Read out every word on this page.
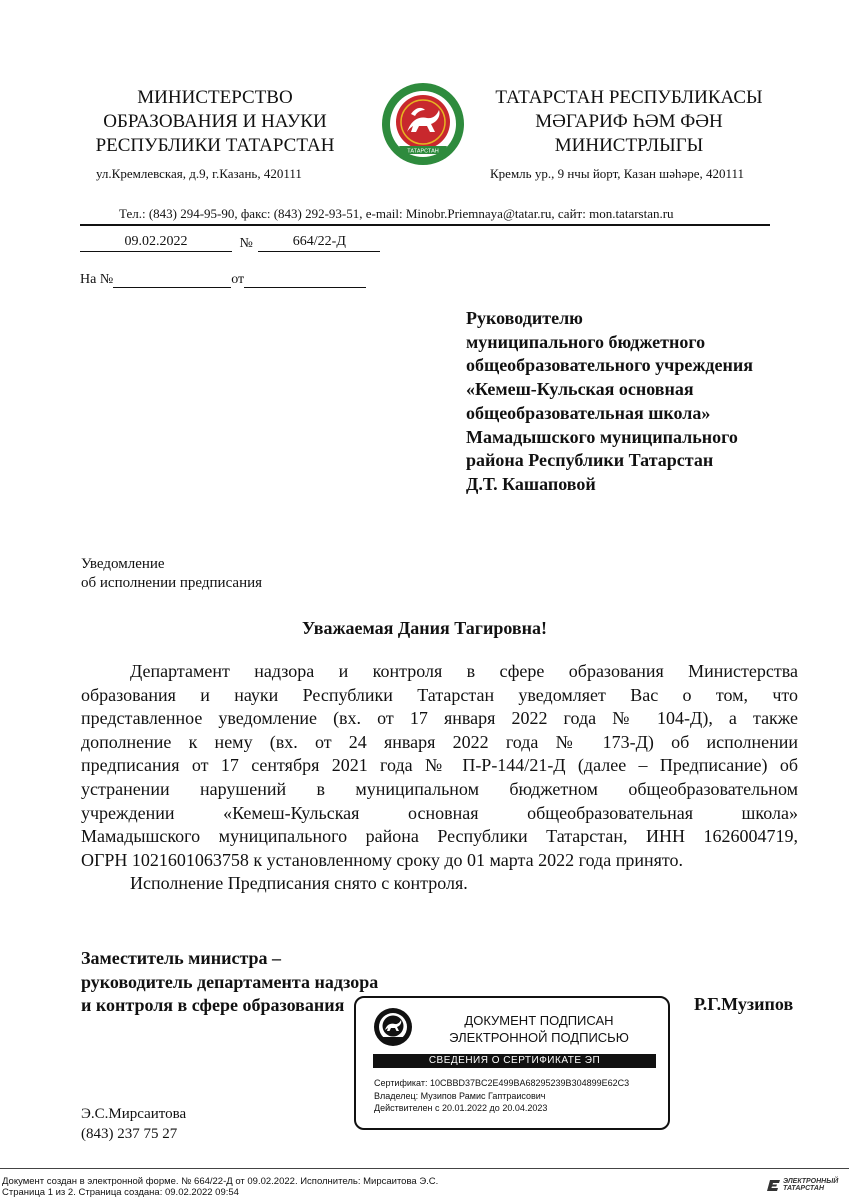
МИНИСТЕРСТВО
ОБРАЗОВАНИЯ И НАУКИ
РЕСПУБЛИКИ ТАТАРСТАН	ТАТАРСТАН
ТАТАРСТАН РЕСПУБЛИКАСЫ
МӘГАРИФ ҺӘМ ФӘН
МИНИСТРЛЫГЫ
ул.Кремлевская, д.9, г.Казань, 420111	Кремль ур., 9 нчы йорт, Казан шәһәре, 420111
Тел.: (843) 294-95-90, факс: (843) 292-93-51, e-mail: Minobr.Priemnaya@tatar.ru, сайт: mon.tatarstan.ru
09.02.2022	№	664/22-Д
На №	от
Руководителю
муниципального бюджетного
общеобразовательного учреждения
«Кемеш-Кульская основная
общеобразовательная школа»
Мамадышского муниципального
района Республики Татарстан
Д.Т. Кашаповой
Уведомление
об исполнении предписания
Уважаемая Дания Тагировна!
Департамент надзора и контроля в сфере образования Министерства
образования и науки Республики Татарстан уведомляет Вас о том, что
представленное уведомление (вх. от 17 января 2022 года № 104-Д), а также
дополнение к нему (вх. от 24 января 2022 года № 173-Д) об исполнении
предписания от 17 сентября 2021 года № П-Р-144/21-Д (далее – Предписание) об
устранении нарушений в муниципальном бюджетном общеобразовательном
учреждении «Кемеш-Кульская основная общеобразовательная школа»
Мамадышского муниципального района Республики Татарстан, ИНН 1626004719,
ОГРН 1021601063758 к установленному сроку до 01 марта 2022 года принято.
Исполнение Предписания снято с контроля.
Заместитель министра –
руководитель департамента надзора
и контроля в сфере образования	Р.Г.Музипов
ДОКУМЕНТ ПОДПИСАН
ЭЛЕКТРОННОЙ ПОДПИСЬЮ
СВЕДЕНИЯ О СЕРТИФИКАТЕ ЭП
Сертификат: 10CBBD37BC2E499BA68295239B304899E62C3
Владелец: Музипов Рамис Гаптраисович
Действителен с 20.01.2022 до 20.04.2023
Э.С.Мирсаитова
(843) 237 75 27
Документ создан в электронной форме. № 664/22-Д от 09.02.2022. Исполнитель: Мирсаитова Э.С.
Страница 1 из 2. Страница создана: 09.02.2022 09:54
ЭЛЕКТРОННЫЙ
ТАТАРСТАН
